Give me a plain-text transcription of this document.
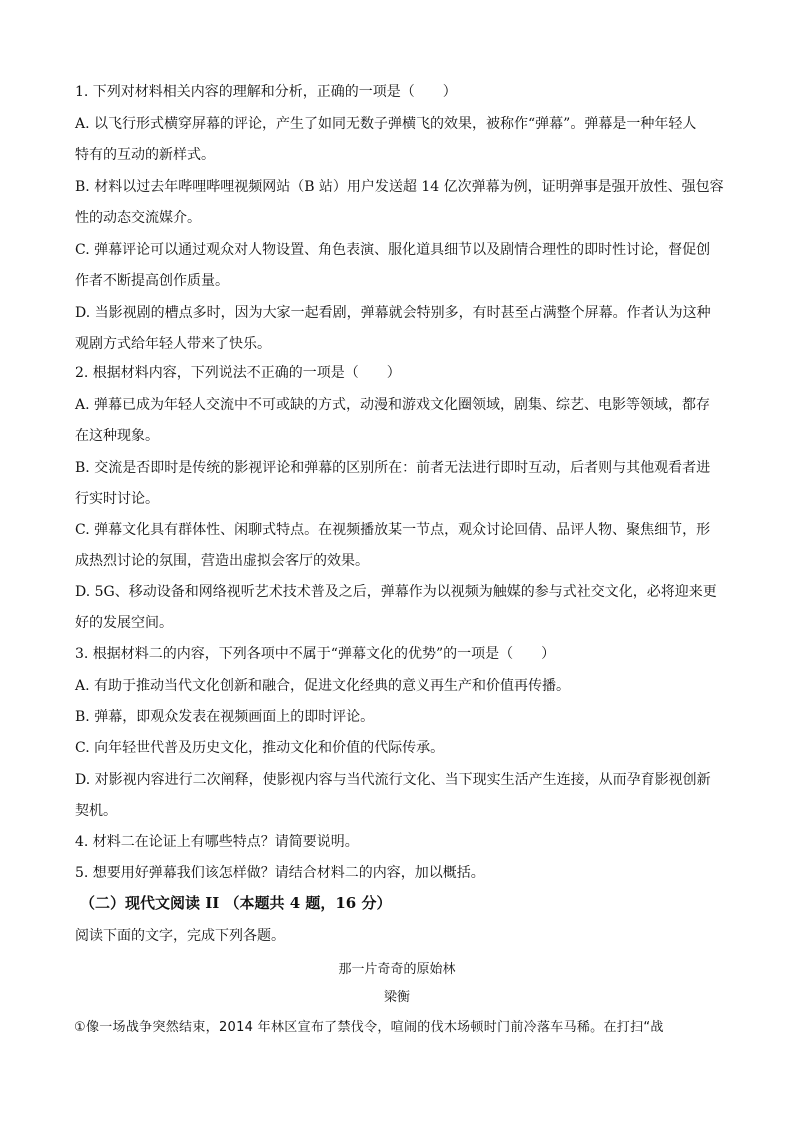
1. 下列对材料相关内容的理解和分析，正确的一项是（　　）
A. 以飞行形式横穿屏幕的评论，产生了如同无数子弹横飞的效果，被称作“弹幕”。弹幕是一种年轻人
特有的互动的新样式。
B. 材料以过去年哔哩哔哩视频网站（B 站）用户发送超 14 亿次弹幕为例，证明弹事是强开放性、强包容
性的动态交流媒介。
C. 弹幕评论可以通过观众对人物设置、角色表演、服化道具细节以及剧情合理性的即时性讨论，督促创
作者不断提高创作质量。
D. 当影视剧的槽点多时，因为大家一起看剧，弹幕就会特别多，有时甚至占满整个屏幕。作者认为这种
观剧方式给年轻人带来了快乐。
2. 根据材料内容，下列说法不正确的一项是（　　）
A. 弹幕已成为年轻人交流中不可或缺的方式，动漫和游戏文化圈领域，剧集、综艺、电影等领域，都存
在这种现象。
B. 交流是否即时是传统的影视评论和弹幕的区别所在：前者无法进行即时互动，后者则与其他观看者进
行实时讨论。
C. 弹幕文化具有群体性、闲聊式特点。在视频播放某一节点，观众讨论回倩、品评人物、聚焦细节，形
成热烈讨论的氛围，营造出虚拟会客厅的效果。
D. 5G、移动设备和网络视听艺术技术普及之后，弹幕作为以视频为触媒的参与式社交文化，必将迎来更
好的发展空间。
3. 根据材料二的内容，下列各项中不属于“弹幕文化的优势”的一项是（　　）
A. 有助于推动当代文化创新和融合，促进文化经典的意义再生产和价值再传播。
B. 弹幕，即观众发表在视频画面上的即时评论。
C. 向年轻世代普及历史文化，推动文化和价值的代际传承。
D. 对影视内容进行二次阐释，使影视内容与当代流行文化、当下现实生活产生连接，从而孕育影视创新
契机。
4. 材料二在论证上有哪些特点？请简要说明。
5. 想要用好弹幕我们该怎样做？请结合材料二的内容，加以概括。
（二）现代文阅读 II （本题共 4 题，16 分）
阅读下面的文字，完成下列各题。
那一片奇奇的原始林
梁衡
①像一场战争突然结束，2014 年林区宣布了禁伐令，喧闹的伐木场顿时门前冷落车马稀。在打扫“战
